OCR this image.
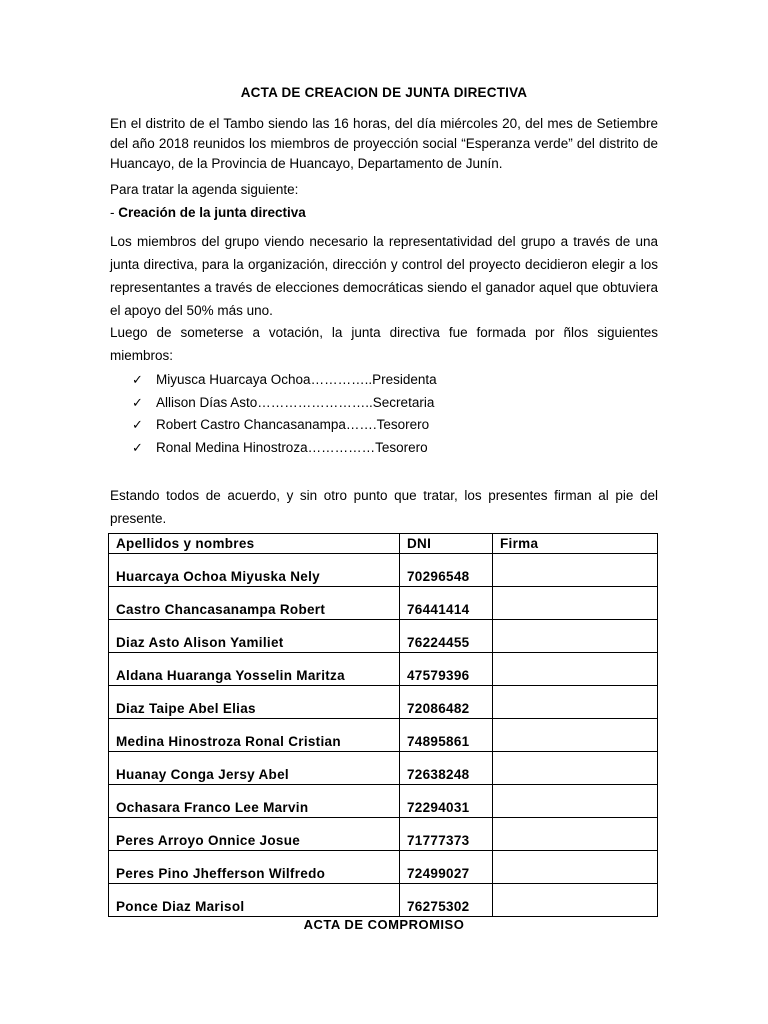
ACTA DE CREACION DE JUNTA DIRECTIVA
En el distrito de el Tambo siendo las 16 horas, del día miércoles 20, del mes de Setiembre del año 2018 reunidos los miembros de proyección social “Esperanza verde” del distrito de Huancayo, de la Provincia de Huancayo, Departamento de Junín.
Para tratar la agenda siguiente:
- Creación de la junta directiva
Los miembros del grupo viendo necesario la representatividad del grupo a través de una junta directiva, para la organización, dirección y control del proyecto decidieron elegir a los representantes a través de elecciones democráticas siendo el ganador aquel que obtuviera el apoyo del 50% más uno.
Luego de someterse a votación, la junta directiva fue formada por ñlos siguientes miembros:
✓ Miyusca Huarcaya Ochoa…………..Presidenta
✓ Allison Días Asto……………………..Secretaria
✓ Robert Castro Chancasanampa…….Tesorero
✓ Ronal Medina Hinostroza……………Tesorero
Estando todos de acuerdo, y sin otro punto que tratar, los presentes firman al pie del presente.
Apellidos y nombres	DNI	Firma
Huarcaya Ochoa Miyuska Nely	70296548	
Castro Chancasanampa Robert	76441414	
Diaz Asto Alison Yamiliet	76224455	
Aldana Huaranga Yosselin Maritza	47579396	
Diaz Taipe Abel Elias	72086482	
Medina Hinostroza Ronal Cristian	74895861	
Huanay Conga Jersy Abel	72638248	
Ochasara Franco Lee Marvin	72294031	
Peres Arroyo Onnice Josue	71777373	
Peres Pino Jhefferson Wilfredo	72499027	
Ponce Diaz Marisol	76275302	
ACTA DE COMPROMISO
